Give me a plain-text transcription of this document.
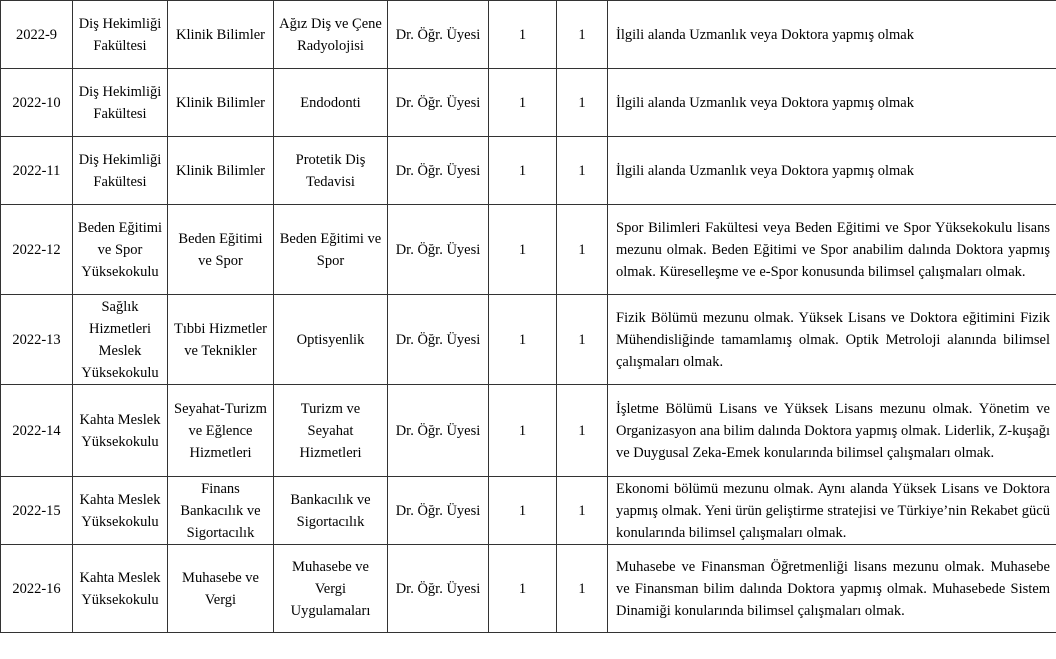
2022-9	Diş Hekimliği Fakültesi	Klinik Bilimler	Ağız Diş ve Çene Radyolojisi	Dr. Öğr. Üyesi	1	1	İlgili alanda Uzmanlık veya Doktora yapmış olmak
2022-10	Diş Hekimliği Fakültesi	Klinik Bilimler	Endodonti	Dr. Öğr. Üyesi	1	1	İlgili alanda Uzmanlık veya Doktora yapmış olmak
2022-11	Diş Hekimliği Fakültesi	Klinik Bilimler	Protetik Diş Tedavisi	Dr. Öğr. Üyesi	1	1	İlgili alanda Uzmanlık veya Doktora yapmış olmak
2022-12	Beden Eğitimi ve Spor Yüksekokulu	Beden Eğitimi ve Spor	Beden Eğitimi ve Spor	Dr. Öğr. Üyesi	1	1	Spor Bilimleri Fakültesi veya Beden Eğitimi ve Spor Yüksekokulu lisans mezunu olmak. Beden Eğitimi ve Spor anabilim dalında Doktora yapmış olmak. Küreselleşme ve e-Spor konusunda bilimsel çalışmaları olmak.
2022-13	Sağlık Hizmetleri Meslek Yüksekokulu	Tıbbi Hizmetler ve Teknikler	Optisyenlik	Dr. Öğr. Üyesi	1	1	Fizik Bölümü mezunu olmak. Yüksek Lisans ve Doktora eğitimini Fizik Mühendisliğinde tamamlamış olmak. Optik Metroloji alanında bilimsel çalışmaları olmak.
2022-14	Kahta Meslek Yüksekokulu	Seyahat-Turizm ve Eğlence Hizmetleri	Turizm ve Seyahat Hizmetleri	Dr. Öğr. Üyesi	1	1	İşletme Bölümü Lisans ve Yüksek Lisans mezunu olmak. Yönetim ve Organizasyon ana bilim dalında Doktora yapmış olmak. Liderlik, Z-kuşağı ve Duygusal Zeka-Emek konularında bilimsel çalışmaları olmak.
2022-15	Kahta Meslek Yüksekokulu	Finans Bankacılık ve Sigortacılık	Bankacılık ve Sigortacılık	Dr. Öğr. Üyesi	1	1	Ekonomi bölümü mezunu olmak. Aynı alanda Yüksek Lisans ve Doktora yapmış olmak. Yeni ürün geliştirme stratejisi ve Türkiye’nin Rekabet gücü konularında bilimsel çalışmaları olmak.
2022-16	Kahta Meslek Yüksekokulu	Muhasebe ve Vergi	Muhasebe ve Vergi Uygulamaları	Dr. Öğr. Üyesi	1	1	Muhasebe ve Finansman Öğretmenliği lisans mezunu olmak. Muhasebe ve Finansman bilim dalında Doktora yapmış olmak. Muhasebede Sistem Dinamiği konularında bilimsel çalışmaları olmak.
